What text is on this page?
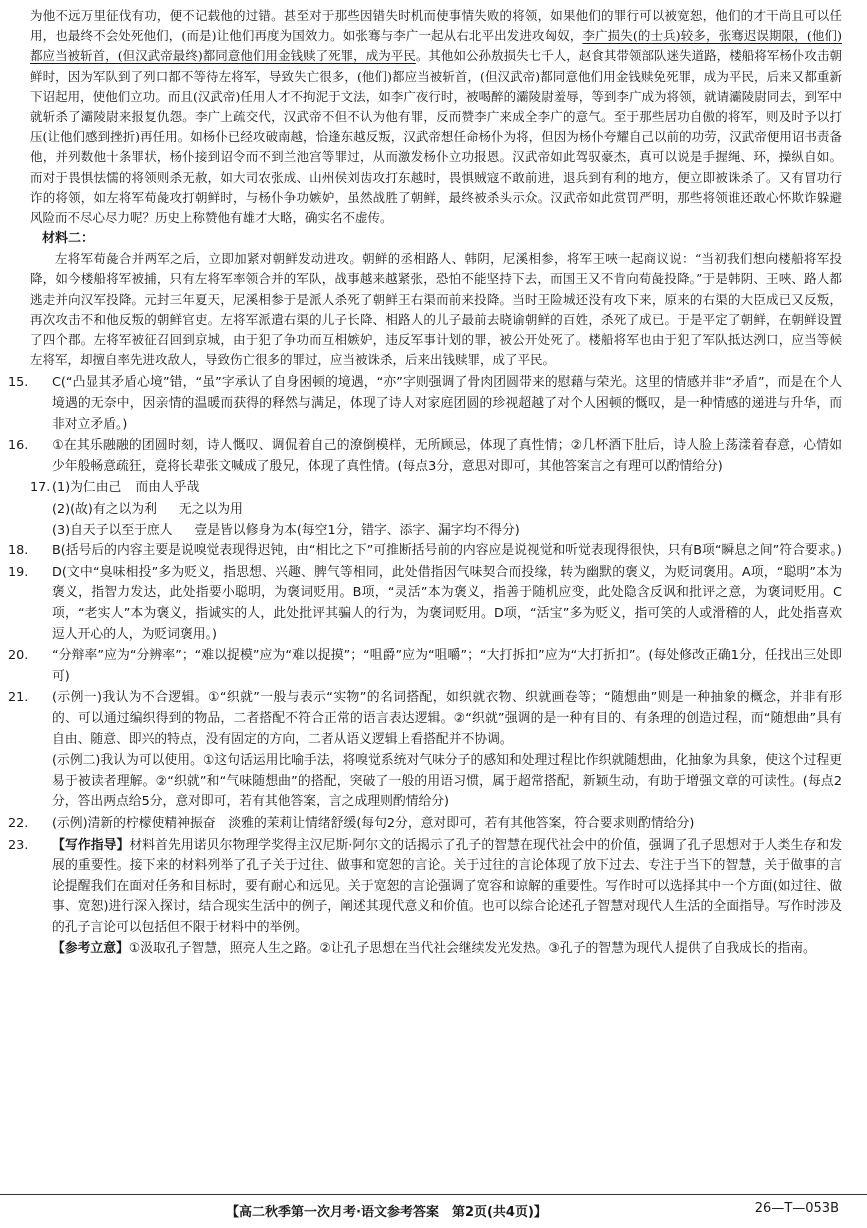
为他不远万里征伐有功，便不记载他的过错。甚至对于那些因错失时机而使事情失败的将领，如果他们的罪行可以被宽恕，他们的才干尚且可以任用，也最终不会处死他们，(而是)让他们再度为国效力。如张骞与李广一起从右北平出发进攻匈奴，李广损失(的士兵)较多，张骞迟误期限，(他们)都应当被斩首，(但汉武帝最终)都同意他们用金钱赎了死罪，成为平民。其他如公孙敖损失七千人，赵食其带领部队迷失道路，楼船将军杨仆攻击朝鲜时，因为军队到了列口都不等待左将军，导致失亡很多，(他们)都应当被斩首，(但汉武帝)都同意他们用金钱赎免死罪，成为平民，后来又都重新下诏起用，使他们立功。而且(汉武帝)任用人才不拘泥于文法，如李广夜行时，被喝醉的灞陵尉羞辱，等到李广成为将领，就请灞陵尉同去，到军中就斩杀了灞陵尉来报复仇怨。李广上疏交代，汉武帝不但不认为他有罪，反而赞李广来成全李广的意气。至于那些居功自傲的将军，则及时予以打压(让他们感到挫折)再任用。如杨仆已经攻破南越，恰逢东越反叛，汉武帝想任命杨仆为将，但因为杨仆夸耀自己以前的功劳，汉武帝便用诏书责备他，并列数他十条罪状，杨仆接到诏令而不到兰池宫等罪过，从而激发杨仆立功报恩。汉武帝如此驾驭豪杰，真可以说是手握绳、环，操纵自如。而对于畏惧怯懦的将领则杀无赦，如大司农张成、山州侯刘齿攻打东越时，畏惧贼寇不敢前进，退兵到有利的地方，便立即被诛杀了。又有冒功行诈的将领，如左将军荀彘攻打朝鲜时，与杨仆争功嫉妒，虽然战胜了朝鲜，最终被杀头示众。汉武帝如此赏罚严明，那些将领谁还敢心怀欺诈躲避风险而不尽心尽力呢？历史上称赞他有雄才大略，确实名不虚传。

材料二：

左将军荀彘合并两军之后，立即加紧对朝鲜发动进攻。朝鲜的丞相路人、韩阴，尼溪相参，将军王唊一起商议说：“当初我们想向楼船将军投降，如今楼船将军被捕，只有左将军率领合并的军队，战事越来越紧张，恐怕不能坚持下去，而国王又不肯向荀彘投降。”于是韩阴、王唊、路人都逃走并向汉军投降。元封三年夏天，尼溪相参于是派人杀死了朝鲜王右渠而前来投降。当时王险城还没有攻下来，原来的右渠的大臣成已又反叛，再次攻击不和他反叛的朝鲜官吏。左将军派遣右渠的儿子长降、相路人的儿子最前去晓谕朝鲜的百姓，杀死了成已。于是平定了朝鲜，在朝鲜设置了四个郡。左将军被征召回到京城，由于犯了争功而互相嫉妒，违反军事计划的罪，被公开处死了。楼船将军也由于犯了军队抵达洌口，应当等候左将军，却擅自率先进攻敌人，导致伤亡很多的罪过，应当被诛杀，后来出钱赎罪，成了平民。

15. C(“凸显其矛盾心境”错，“虽”字承认了自身困顿的境遇，“亦”字则强调了骨肉团圆带来的慰藉与荣光。这里的情感并非“矛盾”，而是在个人境遇的无奈中，因亲情的温暖而获得的释然与满足，体现了诗人对家庭团圆的珍视超越了对个人困顿的慨叹，是一种情感的递进与升华，而非对立矛盾。)

16. ①在其乐融融的团圆时刻，诗人慨叹、调侃着自己的潦倒模样，无所顾忌，体现了真性情；②几杯酒下肚后，诗人脸上荡漾着春意，心情如少年般畅意疏狂，竟将长辈张文喊成了殷兄，体现了真性情。(每点3分，意思对即可，其他答案言之有理可以酌情给分)

17. (1)为仁由己 而由人乎哉

(2)(故)有之以为利 无之以为用

(3)自天子以至于庶人 壹是皆以修身为本(每空1分，错字、添字、漏字均不得分)

18. B(括号后的内容主要是说嗅觉表现得迟钝，由“相比之下”可推断括号前的内容应是说视觉和听觉表现得很快，只有B项“瞬息之间”符合要求。)

19. D(文中“臭味相投”多为贬义，指思想、兴趣、脾气等相同，此处借指因气味契合而投缘，转为幽默的褒义，为贬词褒用。A项，“聪明”本为褒义，指智力发达，此处指要小聪明，为褒词贬用。B项，“灵活”本为褒义，指善于随机应变，此处隐含反讽和批评之意，为褒词贬用。C项，“老实人”本为褒义，指诚实的人，此处批评其骗人的行为，为褒词贬用。D项，“活宝”多为贬义，指可笑的人或滑稽的人，此处指喜欢逗人开心的人，为贬词褒用。)

20. “分辩率”应为“分辨率”；“难以捉模”应为“难以捉摸”；“咀爵”应为“咀嚼”；“大打拆扣”应为“大打折扣”。(每处修改正确1分，任找出三处即可)

21. (示例一)我认为不合逻辑。①“织就”一般与表示“实物”的名词搭配，如织就衣物、织就画卷等；“随想曲”则是一种抽象的概念，并非有形的、可以通过编织得到的物品，二者搭配不符合正常的语言表达逻辑。②“织就”强调的是一种有目的、有条理的创造过程，而“随想曲”具有自由、随意、即兴的特点，没有固定的方向，二者从语义逻辑上看搭配并不协调。

(示例二)我认为可以使用。①这句话运用比喻手法，将嗅觉系统对气味分子的感知和处理过程比作织就随想曲，化抽象为具象，使这个过程更易于被读者理解。②“织就”和“气味随想曲”的搭配，突破了一般的用语习惯，属于超常搭配，新颖生动，有助于增强文章的可读性。(每点2分，答出两点给5分，意对即可，若有其他答案，言之成理则酌情给分)

22. (示例)清新的柠檬使精神振奋　淡雅的茉莉让情绪舒缓(每句2分，意对即可，若有其他答案，符合要求则酌情给分)

23. 【写作指导】材料首先用诺贝尔物理学奖得主汉尼斯·阿尔文的话揭示了孔子的智慧在现代社会中的价值，强调了孔子思想对于人类生存和发展的重要性。接下来的材料列举了孔子关于过往、做事和宽恕的言论。关于过往的言论体现了放下过去、专注于当下的智慧，关于做事的言论提醒我们在面对任务和目标时，要有耐心和远见。关于宽恕的言论强调了宽容和谅解的重要性。写作时可以选择其中一个方面(如过往、做事、宽恕)进行深入探讨，结合现实生活中的例子，阐述其现代意义和价值。也可以综合论述孔子智慧对现代人生活的全面指导。写作时涉及的孔子言论可以包括但不限于材料中的举例。

【参考立意】①汲取孔子智慧，照亮人生之路。②让孔子思想在当代社会继续发光发热。③孔子的智慧为现代人提供了自我成长的指南。

【高二秋季第一次月考·语文参考答案　第2页(共4页)】	26—T—053B
